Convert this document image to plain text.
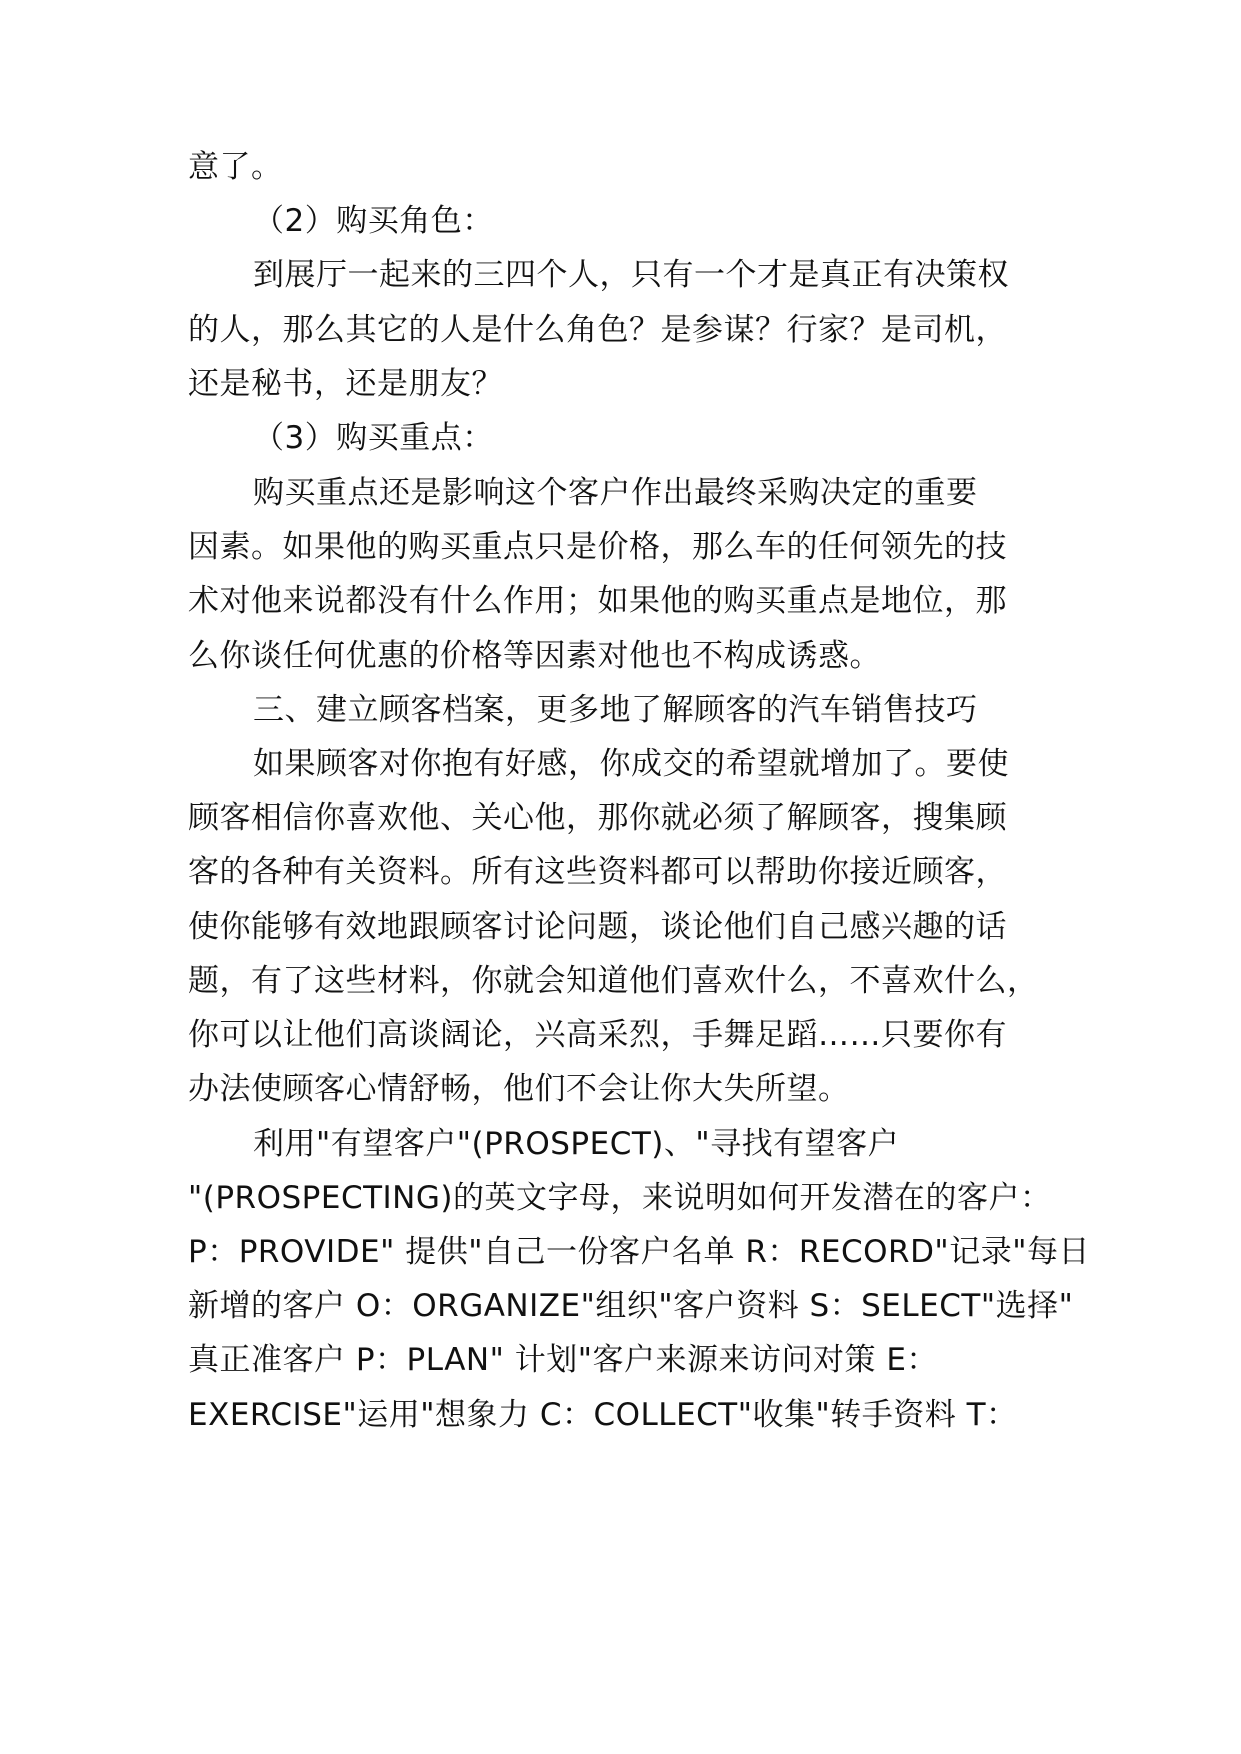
意了。
（2）购买角色：
到展厅一起来的三四个人，只有一个才是真正有决策权
的人，那么其它的人是什么角色？是参谋？行家？是司机，
还是秘书，还是朋友？
（3）购买重点：
购买重点还是影响这个客户作出最终采购决定的重要
因素。如果他的购买重点只是价格，那么车的任何领先的技
术对他来说都没有什么作用；如果他的购买重点是地位，那
么你谈任何优惠的价格等因素对他也不构成诱惑。
三、建立顾客档案，更多地了解顾客的汽车销售技巧
如果顾客对你抱有好感，你成交的希望就增加了。要使
顾客相信你喜欢他、关心他，那你就必须了解顾客，搜集顾
客的各种有关资料。所有这些资料都可以帮助你接近顾客，
使你能够有效地跟顾客讨论问题，谈论他们自己感兴趣的话
题，有了这些材料，你就会知道他们喜欢什么，不喜欢什么，
你可以让他们高谈阔论，兴高采烈，手舞足蹈……只要你有
办法使顾客心情舒畅，他们不会让你大失所望。
利用"有望客户"(PROSPECT)、"寻找有望客户
"(PROSPECTING)的英文字母，来说明如何开发潜在的客户：
P：PROVIDE" 提供"自己一份客户名单 R：RECORD"记录"每日
新增的客户 O：ORGANIZE"组织"客户资料 S：SELECT"选择"
真正准客户 P：PLAN" 计划"客户来源来访问对策 E：
EXERCISE"运用"想象力 C：COLLECT"收集"转手资料 T：
